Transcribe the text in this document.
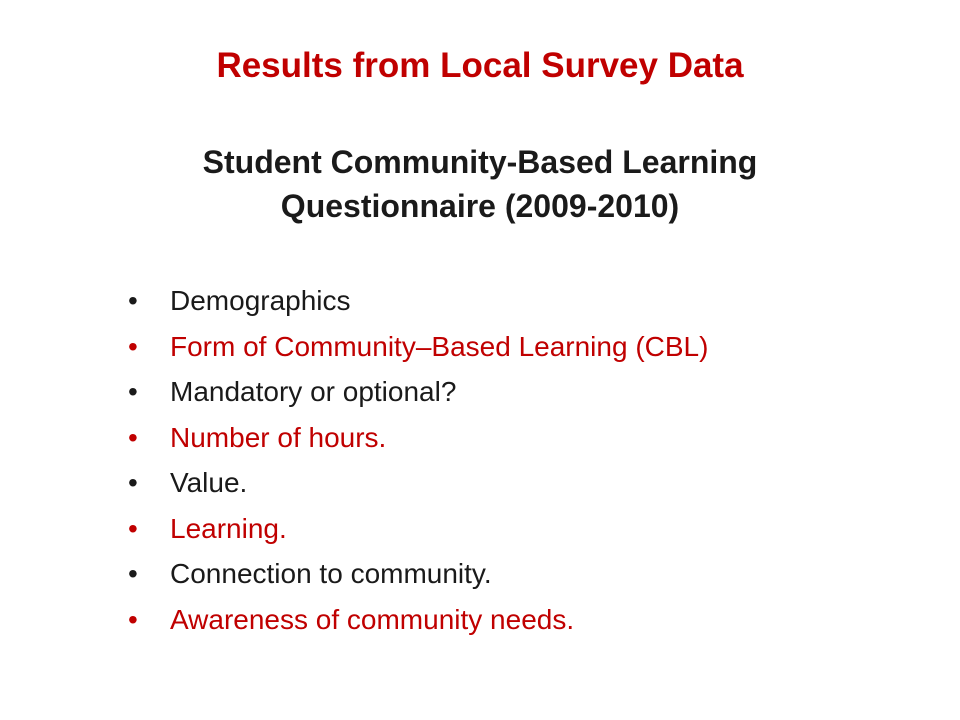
Results from Local Survey Data
Student Community-Based Learning
Questionnaire (2009-2010)
• Demographics
• Form of Community–Based Learning (CBL)
• Mandatory or optional?
• Number of hours.
• Value.
• Learning.
• Connection to community.
• Awareness of community needs.
